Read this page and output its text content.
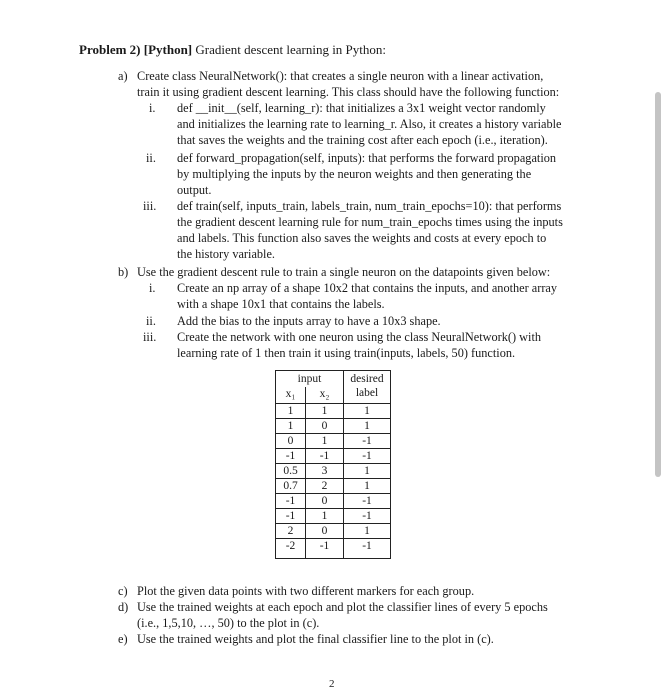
Problem 2) [Python] Gradient descent learning in Python:
a) Create class NeuralNetwork(): that creates a single neuron with a linear activation,
train it using gradient descent learning. This class should have the following function:
i. def __init__(self, learning_r): that initializes a 3x1 weight vector randomly
and initializes the learning rate to learning_r. Also, it creates a history variable
that saves the weights and the training cost after each epoch (i.e., iteration).
ii. def forward_propagation(self, inputs): that performs the forward propagation
by multiplying the inputs by the neuron weights and then generating the
output.
iii. def train(self, inputs_train, labels_train, num_train_epochs=10): that performs
the gradient descent learning rule for num_train_epochs times using the inputs
and labels. This function also saves the weights and costs at every epoch to
the history variable.
b) Use the gradient descent rule to train a single neuron on the datapoints given below:
i. Create an np array of a shape 10x2 that contains the inputs, and another array
with a shape 10x1 that contains the labels.
ii. Add the bias to the inputs array to have a 10x3 shape.
iii. Create the network with one neuron using the class NeuralNetwork() with
learning rate of 1 then train it using train(inputs, labels, 50) function.
input	desired
label
x₁	x₂
1	1	1
1	0	1
0	1	-1
-1	-1	-1
0.5	3	1
0.7	2	1
-1	0	-1
-1	1	-1
2	0	1
-2	-1	-1
c) Plot the given data points with two different markers for each group.
d) Use the trained weights at each epoch and plot the classifier lines of every 5 epochs
(i.e., 1,5,10, …, 50) to the plot in (c).
e) Use the trained weights and plot the final classifier line to the plot in (c).
2
